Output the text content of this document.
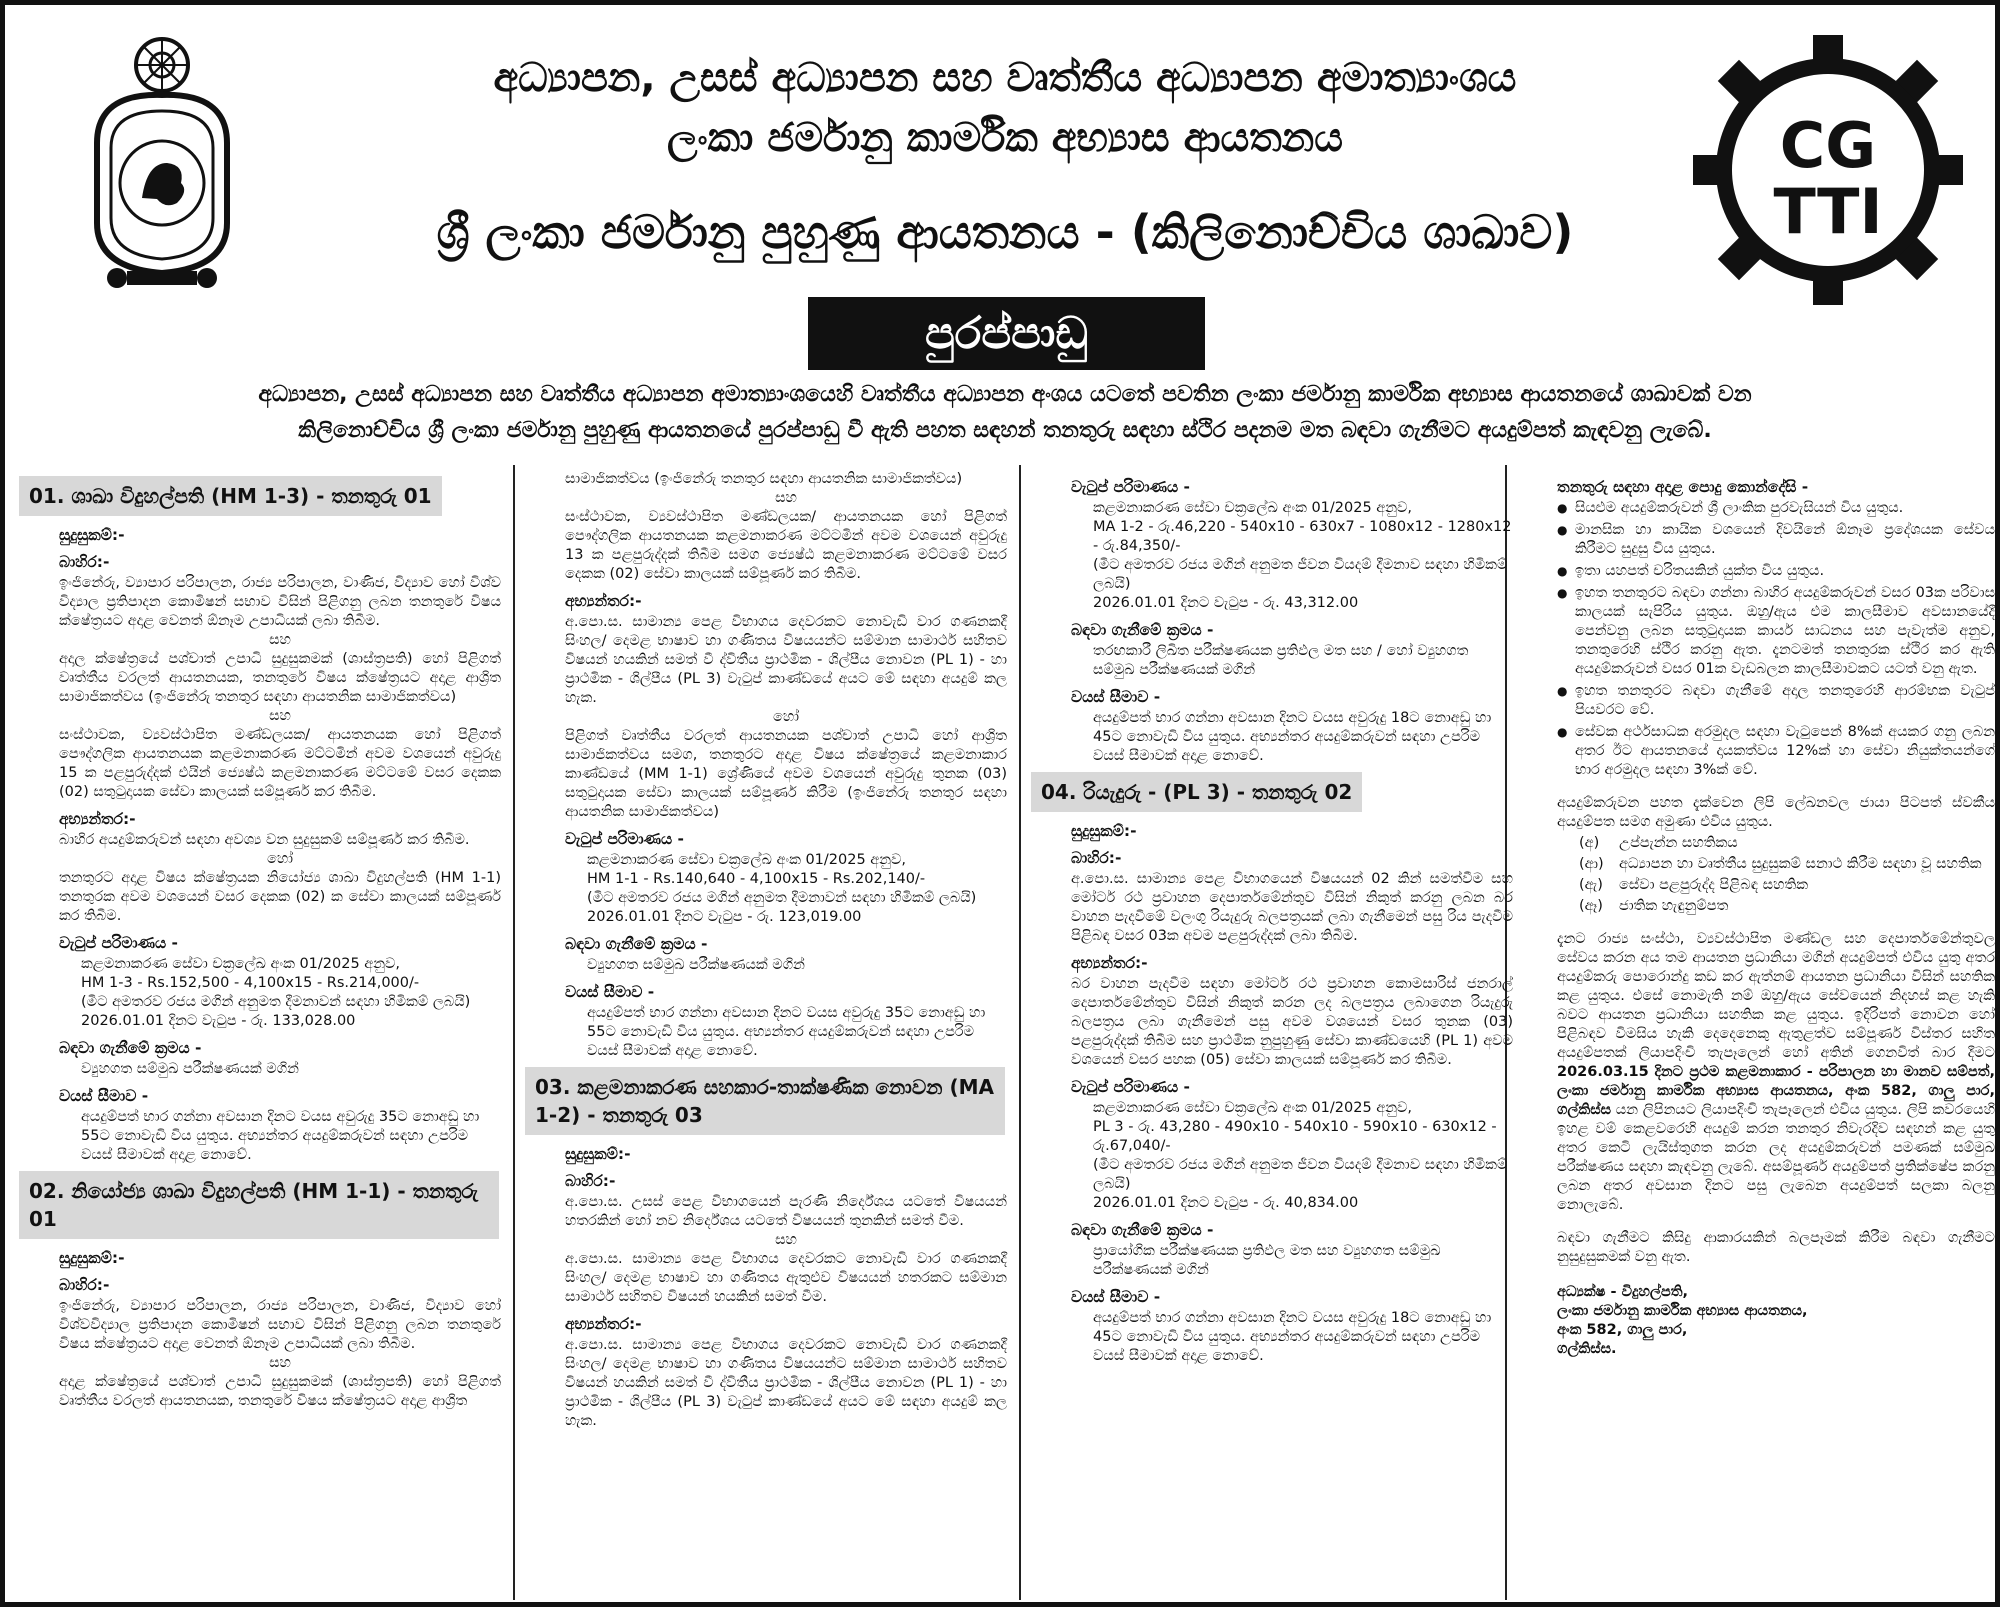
CG
TTI
අධ්‍යාපන, උසස් අධ්‍යාපන සහ වෘත්තීය අධ්‍යාපන අමාත්‍යාංශය
ලංකා ජර්මානු කාර්මික අභ්‍යාස ආයතනය
ශ්‍රී ලංකා ජර්මානු පුහුණු ආයතනය - (කිලිනොච්චිය ශාඛාව)
පුරප්පාඩු
අධ්‍යාපන, උසස් අධ්‍යාපන සහ වෘත්තීය අධ්‍යාපන අමාත්‍යාංශයෙහි වෘත්තීය අධ්‍යාපන අංශය යටතේ පවතින ලංකා ජර්මානු කාර්මික අභ්‍යාස ආයතනයේ ශාඛාවක් වන
කිලිනොච්චිය ශ්‍රී ලංකා ජර්මානු පුහුණු ආයතනයේ පුරප්පාඩු වී ඇති පහත සඳහන් තනතුරු සඳහා ස්ථිර පදනම මත බඳවා ගැනීමට අයදුම්පත් කැඳවනු ලැබේ.
01. ශාඛා විදුහල්පති (HM 1-3) - තනතුරු 01
සුදුසුකම්:-
බාහිර:-
ඉංජිනේරු, ව්‍යාපාර පරිපාලන, රාජ්‍ය පරිපාලන, වාණිජ, විද්‍යාව හෝ විශ්ව විද්‍යාල ප්‍රතිපාදන කොමිෂන් සභාව විසින් පිළිගනු ලබන තනතුරේ විෂය ක්ෂේත්‍රයට අදාළ වෙනත් ඕනෑම උපාධියක් ලබා තිබීම.
සහ
අදාල ක්ෂේත්‍රයේ පශ්චාත් උපාධි සුදුසුකමක් (ශාස්ත්‍රපති) හෝ පිළිගත් වෘත්තීය වරලත් ආයතනයක, තනතුරේ විෂය ක්ෂේත්‍රයට අදාළ ආශ්‍රිත සාමාජිකත්වය (ඉංජිනේරු තනතුර සඳහා ආයතනික සාමාජිකත්වය)
සහ
සංස්ථාවක, ව්‍යවස්ථාපිත මණ්ඩලයක/ ආයතනයක හෝ පිළිගත් පෞද්ගලික ආයතනයක කළමනාකරණ මට්ටමින් අවම වශයෙන් අවුරුදු 15 ක පළපුරුද්දක් එයින් ජ්‍යෙෂ්ඨ කළමනාකරණ මට්ටමේ වසර දෙකක (02) සතුටුදායක සේවා කාලයක් සම්පූර්ණ කර තිබීම.
අභ්‍යන්තර:-
බාහිර අයදුම්කරුවන් සඳහා අවශ්‍ය වන සුදුසුකම් සම්පූර්ණ කර තිබීම.
හෝ
තනතුරට අදාළ විෂය ක්ෂේත්‍රයක නියෝජ්‍ය ශාඛා විදුහල්පති (HM 1-1) තනතුරක අවම වශයෙන් වසර දෙකක (02) ක සේවා කාලයක් සම්පූර්ණ කර තිබීම.
වැටුප් පරිමාණය -
කළමනාකරණ සේවා චක්‍රලේඛ අංක 01/2025 අනුව,
HM 1-3 - Rs.152,500 - 4,100x15 - Rs.214,000/-
(මීට අමතරව රජය මගින් අනුමත දීමනාවන් සඳහා හිමිකම් ලබයි)
2026.01.01 දිනට වැටුප - රු. 133,028.00
බඳවා ගැනීමේ ක්‍රමය -
ව්‍යුහගත සම්මුඛ පරීක්ෂණයක් මගින්
වයස් සීමාව -
අයදුම්පත් භාර ගන්නා අවසාන දිනට වයස අවුරුදු 35ට නොඅඩු හා 55ට නොවැඩි විය යුතුය. අභ්‍යන්තර අයදුම්කරුවන් සඳහා උපරිම වයස් සීමාවක් අදාළ නොවේ.
02. නියෝජ්‍ය ශාඛා විදුහල්පති (HM 1-1) - තනතුරු 01
සුදුසුකම්:-
බාහිර:-
ඉංජිනේරු, ව්‍යාපාර පරිපාලන, රාජ්‍ය පරිපාලන, වාණිජ, විද්‍යාව හෝ විශ්වවිද්‍යාල ප්‍රතිපාදන කොමිෂන් සභාව විසින් පිළිගනු ලබන තනතුරේ විෂය ක්ෂේත්‍රයට අදාළ වෙනත් ඕනෑම උපාධියක් ලබා තිබීම.
සහ
අදාළ ක්ෂේත්‍රයේ පශ්චාත් උපාධි සුදුසුකමක් (ශාස්ත්‍රපති) හෝ පිළිගත් වෘත්තීය වරලත් ආයතනයක, තනතුරේ විෂය ක්ෂේත්‍රයට අදාළ ආශ්‍රිත
සාමාජිකත්වය (ඉංජිනේරු තනතුර සඳහා ආයතනික සාමාජිකත්වය)
සහ
සංස්ථාවක, ව්‍යවස්ථාපිත මණ්ඩලයක/ ආයතනයක හෝ පිළිගත් පෞද්ගලික ආයතනයක කළමනාකරණ මට්ටමින් අවම වශයෙන් අවුරුදු 13 ක පළපුරුද්දක් තිබීම සමග ජ්‍යෙෂ්ඨ කළමනාකරණ මට්ටමේ වසර දෙකක (02) සේවා කාලයක් සම්පූර්ණ කර තිබීම.
අභ්‍යන්තර:-
අ.පො.ස. සාමාන්‍ය පෙළ විභාගය දෙවරකට නොවැඩි වාර ගණනකදී සිංහල/ දෙමළ භාෂාව හා ගණිතය විෂයයන්ට සම්මාන සාමාර්ථ සහිතව විෂයන් හයකින් සමත් වී ද්විතීය ප්‍රාථමික - ශිල්පීය නොවන (PL 1) - හා ප්‍රාථමික - ශිල්පීය (PL 3) වැටුප් කාණ්ඩයේ අයට මේ සඳහා අයදුම් කල හැක.
හෝ
පිළිගත් වෘත්තීය වරලත් ආයතනයක පශ්චාත් උපාධි හෝ ආශ්‍රිත සාමාජිකත්වය සමග, තනතුරට අදාළ විෂය ක්ෂේත්‍රයේ කළමනාකාර කාණ්ඩයේ (MM 1-1) ශ්‍රේණියේ අවම වශයෙන් අවුරුදු තුනක (03) සතුටුදායක සේවා කාලයක් සම්පූර්ණ කිරීම (ඉංජිනේරු තනතුර සඳහා ආයතනික සාමාජිකත්වය)
වැටුප් පරිමාණය -
කළමනාකරණ සේවා චක්‍රලේඛ අංක 01/2025 අනුව,
HM 1-1 - Rs.140,640 - 4,100x15 - Rs.202,140/-
(මීට අමතරව රජය මගින් අනුමත දීමනාවන් සඳහා හිමිකම් ලබයි)
2026.01.01 දිනට වැටුප - රු. 123,019.00
බඳවා ගැනීමේ ක්‍රමය -
ව්‍යුහගත සම්මුඛ පරීක්ෂණයක් මගින්
වයස් සීමාව -
අයදුම්පත් භාර ගන්නා අවසාන දිනට වයස අවුරුදු 35ට නොඅඩු හා 55ට නොවැඩි විය යුතුය. අභ්‍යන්තර අයදුම්කරුවන් සඳහා උපරිම වයස් සීමාවක් අදාළ නොවේ.
03. කළමනාකරණ සහකාර-තාක්ෂණික නොවන (MA 1-2) - තනතුරු 03
සුදුසුකම්:-
බාහිර:-
අ.පො.ස. උසස් පෙළ විභාගයෙන් පැරණි නිර්දේශය යටතේ විෂයයන් හතරකින් හෝ නව නිර්දේශය යටතේ විෂයයන් තුනකින් සමත් වීම.
සහ
අ.පො.ස. සාමාන්‍ය පෙළ විභාගය දෙවරකට නොවැඩි වාර ගණනකදී සිංහල/ දෙමළ භාෂාව හා ගණිතය ඇතුළුව විෂයයන් හතරකට සම්මාන සාමාර්ථ සහිතව විෂයන් හයකින් සමත් වීම.
අභ්‍යන්තර:-
අ.පො.ස. සාමාන්‍ය පෙළ විභාගය දෙවරකට නොවැඩි වාර ගණනකදී සිංහල/ දෙමළ භාෂාව හා ගණිතය විෂයයන්ට සම්මාන සාමාර්ථ සහිතව විෂයන් හයකින් සමත් වී ද්විතීය ප්‍රාථමික - ශිල්පීය නොවන (PL 1) - හා ප්‍රාථමික - ශිල්පීය (PL 3) වැටුප් කාණ්ඩයේ අයට මේ සඳහා අයදුම් කල හැක.
වැටුප් පරිමාණය -
කළමනාකරණ සේවා චක්‍රලේඛ අංක 01/2025 අනුව,
MA 1-2 - රු.46,220 - 540x10 - 630x7 - 1080x12 - 1280x12 - රු.84,350/-
(මීට අමතරව රජය මගින් අනුමත ජීවන වියදම් දීමනාව සඳහා හිමිකම් ලබයි)
2026.01.01 දිනට වැටුප - රු. 43,312.00
බඳවා ගැනීමේ ක්‍රමය -
තරඟකාරී ලිඛිත පරීක්ෂණයක ප්‍රතිඵල මත සහ / හෝ ව්‍යුහගත සම්මුඛ පරීක්ෂණයක් මගින්
වයස් සීමාව -
අයදුම්පත් භාර ගන්නා අවසාන දිනට වයස අවුරුදු 18ට නොඅඩු හා 45ට නොවැඩි විය යුතුය. අභ්‍යන්තර අයදුම්කරුවන් සඳහා උපරිම වයස් සීමාවක් අදාළ නොවේ.
04. රියැදුරු - (PL 3) - තනතුරු 02
සුදුසුකම්:-
බාහිර:-
අ.පො.ස. සාමාන්‍ය පෙළ විභාගයෙන් විෂයයන් 02 කින් සමත්වීම සහ මෝටර් රථ ප්‍රවාහන දෙපාර්තමේන්තුව විසින් නිකුත් කරනු ලබන බර වාහන පැදවීමේ වලංගු රියැදුරු බලපත්‍රයක් ලබා ගැනීමෙන් පසු රිය පැදවීම පිළිබඳ වසර 03ක අවම පළපුරුද්දක් ලබා තිබීම.
අභ්‍යන්තර:-
බර වාහන පැදවීම සඳහා මෝටර් රථ ප්‍රවාහන කොමසාරිස් ජනරාල් දෙපාර්තමේන්තුව විසින් නිකුත් කරන ලද බලපත්‍රය ලබාගෙන රියැදුරු බලපත්‍රය ලබා ගැනීමෙන් පසු අවම වශයෙන් වසර තුනක (03) පළපුරුද්දක් තිබීම සහ ප්‍රාථමික නුපුහුණු සේවා කාණ්ඩයෙහි (PL 1) අවම වශයෙන් වසර පහක (05) සේවා කාලයක් සම්පූර්ණ කර තිබීම.
වැටුප් පරිමාණය -
කළමනාකරණ සේවා චක්‍රලේඛ අංක 01/2025 අනුව,
PL 3 - රු. 43,280 - 490x10 - 540x10 - 590x10 - 630x12 - රු.67,040/-
(මීට අමතරව රජය මගින් අනුමත ජීවන වියදම් දීමනාව සඳහා හිමිකම් ලබයි)
2026.01.01 දිනට වැටුප - රු. 40,834.00
බඳවා ගැනීමේ ක්‍රමය -
ප්‍රායෝගික පරීක්ෂණයක ප්‍රතිඵල මත සහ ව්‍යුහගත සම්මුඛ පරීක්ෂණයක් මගින්
වයස් සීමාව -
අයදුම්පත් භාර ගන්නා අවසාන දිනට වයස අවුරුදු 18ට නොඅඩු හා 45ට නොවැඩි විය යුතුය. අභ්‍යන්තර අයදුම්කරුවන් සඳහා උපරිම වයස් සීමාවක් අදාළ නොවේ.
තනතුරු සඳහා අදාළ පොදු කොන්දේසි -
● සියළුම අයදුම්කරුවන් ශ්‍රී ලාංකික පුරවැසියන් විය යුතුය.
● මානසික හා කායික වශයෙන් දිවයිනේ ඕනෑම ප්‍රදේශයක සේවය කිරීමට සුදුසු විය යුතුය.
● ඉතා යහපත් චරිතයකින් යුක්ත විය යුතුය.
● ඉහත තනතුරට බඳවා ගන්නා බාහිර අයදුම්කරුවන් වසර 03ක පරිවාස කාලයක් සැපිරිය යුතුය. ඔහු/ඇය එම කාලසීමාව අවසානයේදී පෙන්වනු ලබන සතුටුදායක කාර්ය සාධනය සහ පැවැත්ම අනුව, තනතුරෙහි ස්ථිර කරනු ඇත. දැනටමත් තනතුරක ස්ථිර කර ඇති අයදුම්කරුවන් වසර 01ක වැඩබලන කාලසීමාවකට යටත් වනු ඇත.
● ඉහත තනතුරට බඳවා ගැනීමේ අදාල තනතුරෙහි ආරම්භක වැටුප් පියවරට වේ.
● සේවක අර්ථසාධක අරමුදල සඳහා වැටුපෙන් 8%ක් අයකර ගනු ලබන අතර ඊට ආයතනයේ දායකත්වය 12%ක් හා සේවා නියුක්තයන්ගේ භාර අරමුදල සඳහා 3%ක් වේ.
අයදුම්කරුවන පහත දැක්වෙන ලිපි ලේඛනවල ජායා පිටපත් ස්වකීය අයදුම්පත සමග අමුණා එවිය යුතුය.
(අ) උප්පැන්න සහතිකය
(ආ) අධ්‍යාපන හා වෘත්තීය සුදුසුකම් සනාථ කිරීම සඳහා වූ සහතික
(ඇ) සේවා පළපුරුද්ද පිළිබඳ සහතික
(ඈ) ජාතික හැඳුනුම්පත
දැනට රාජ්‍ය සංස්ථා, ව්‍යවස්ථාපිත මණ්ඩල සහ දෙපාර්තමේන්තුවල සේවය කරන අය තම ආයතන ප්‍රධානියා මගින් අයදුම්පත් එවිය යුතු අතර අයදුම්කරු පොරොන්දු කඩ කර ඇත්නම් ආයතන ප්‍රධානියා විසින් සහතික කළ යුතුය. එසේ නොමැති නම් ඔහු/ඇය සේවයෙන් නිදහස් කළ හැකි බවට ආයතන ප්‍රධානියා සහතික කළ යුතුය. ඉදිරිපත් නොවන හෝ පිළිබඳව විමසිය හැකි දෙදෙනෙකු ඇතුළත්ව සම්පූර්ණ විස්තර සහිත අයදුම්පතක් ලියාපදිංචි තැපෑලෙන් හෝ අතින් ගෙනවිත් බාර දීමට 2026.03.15 දිනට ප්‍රථම කළමනාකාර - පරිපාලන හා මානව සම්පත්, ලංකා ජර්මානු කාර්මික අභ්‍යාස ආයතනය, අංක 582, ගාලු පාර, ගල්කිස්ස යන ලිපිනයට ලියාපදිංචි තැපෑලෙන් එවිය යුතුය. ලිපි කවරයෙහි ඉහළ වම් කෙළවරෙහි අයදුම් කරන තනතුර නිවැරදිව සඳහන් කළ යුතු අතර කෙටි ලැයිස්තුගත කරන ලද අයදුම්කරුවන් පමණක් සම්මුඛ පරීක්ෂණය සඳහා කැඳවනු ලැබේ. අසම්පූර්ණ අයදුම්පත් ප්‍රතික්ෂේප කරනු ලබන අතර අවසාන දිනට පසු ලැබෙන අයදුම්පත් සලකා බලනු නොලැබේ.
බඳවා ගැනීමට කිසිදු ආකාරයකින් බලපෑමක් කිරීම බඳවා ගැනීමට නුසුදුසුකමක් වනු ඇත.
අධ්‍යක්ෂ - විදුහල්පති,
ලංකා ජර්මානු කාර්මික අභ්‍යාස ආයතනය,
අංක 582, ගාලු පාර,
ගල්කිස්ස.
